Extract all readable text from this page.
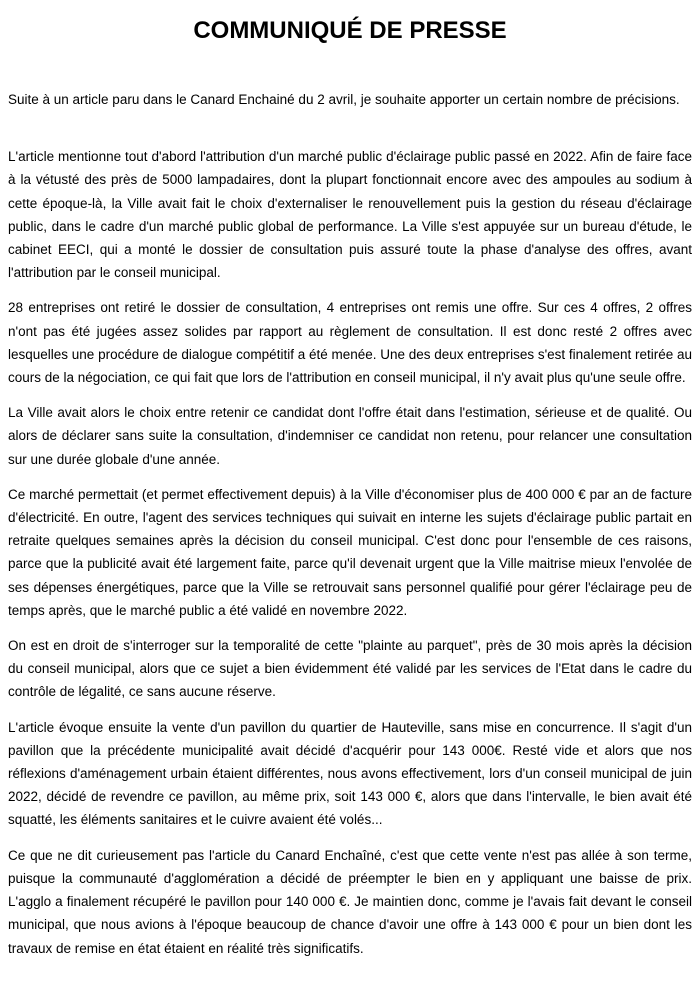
COMMUNIQUÉ DE PRESSE

Suite à un article paru dans le Canard Enchainé du 2 avril, je souhaite apporter un certain nombre de précisions.

L'article mentionne tout d'abord l'attribution d'un marché public d'éclairage public passé en 2022. Afin de faire face à la vétusté des près de 5000 lampadaires, dont la plupart fonctionnait encore avec des ampoules au sodium à cette époque-là, la Ville avait fait le choix d'externaliser le renouvellement puis la gestion du réseau d'éclairage public, dans le cadre d'un marché public global de performance. La Ville s'est appuyée sur un bureau d'étude, le cabinet EECI, qui a monté le dossier de consultation puis assuré toute la phase d'analyse des offres, avant l'attribution par le conseil municipal.

28 entreprises ont retiré le dossier de consultation, 4 entreprises ont remis une offre. Sur ces 4 offres, 2 offres n'ont pas été jugées assez solides par rapport au règlement de consultation. Il est donc resté 2 offres avec lesquelles une procédure de dialogue compétitif a été menée. Une des deux entreprises s'est finalement retirée au cours de la négociation, ce qui fait que lors de l'attribution en conseil municipal, il n'y avait plus qu'une seule offre.

La Ville avait alors le choix entre retenir ce candidat dont l'offre était dans l'estimation, sérieuse et de qualité. Ou alors de déclarer sans suite la consultation, d'indemniser ce candidat non retenu, pour relancer une consultation sur une durée globale d'une année.

Ce marché permettait (et permet effectivement depuis) à la Ville d'économiser plus de 400 000 € par an de facture d'électricité. En outre, l'agent des services techniques qui suivait en interne les sujets d'éclairage public partait en retraite quelques semaines après la décision du conseil municipal. C'est donc pour l'ensemble de ces raisons, parce que la publicité avait été largement faite, parce qu'il devenait urgent que la Ville maitrise mieux l'envolée de ses dépenses énergétiques, parce que la Ville se retrouvait sans personnel qualifié pour gérer l'éclairage peu de temps après, que le marché public a été validé en novembre 2022.

On est en droit de s'interroger sur la temporalité de cette "plainte au parquet", près de 30 mois après la décision du conseil municipal, alors que ce sujet a bien évidemment été validé par les services de l'Etat dans le cadre du contrôle de légalité, ce sans aucune réserve.

L'article évoque ensuite la vente d'un pavillon du quartier de Hauteville, sans mise en concurrence. Il s'agit d'un pavillon que la précédente municipalité avait décidé d'acquérir pour 143 000€. Resté vide et alors que nos réflexions d'aménagement urbain étaient différentes, nous avons effectivement, lors d'un conseil municipal de juin 2022, décidé de revendre ce pavillon, au même prix, soit 143 000 €, alors que dans l'intervalle, le bien avait été squatté, les éléments sanitaires et le cuivre avaient été volés...

Ce que ne dit curieusement pas l'article du Canard Enchaîné, c'est que cette vente n'est pas allée à son terme, puisque la communauté d'agglomération a décidé de préempter le bien en y appliquant une baisse de prix. L'agglo a finalement récupéré le pavillon pour 140 000 €. Je maintien donc, comme je l'avais fait devant le conseil municipal, que nous avions à l'époque beaucoup de chance d'avoir une offre à 143 000 € pour un bien dont les travaux de remise en état étaient en réalité très significatifs.
